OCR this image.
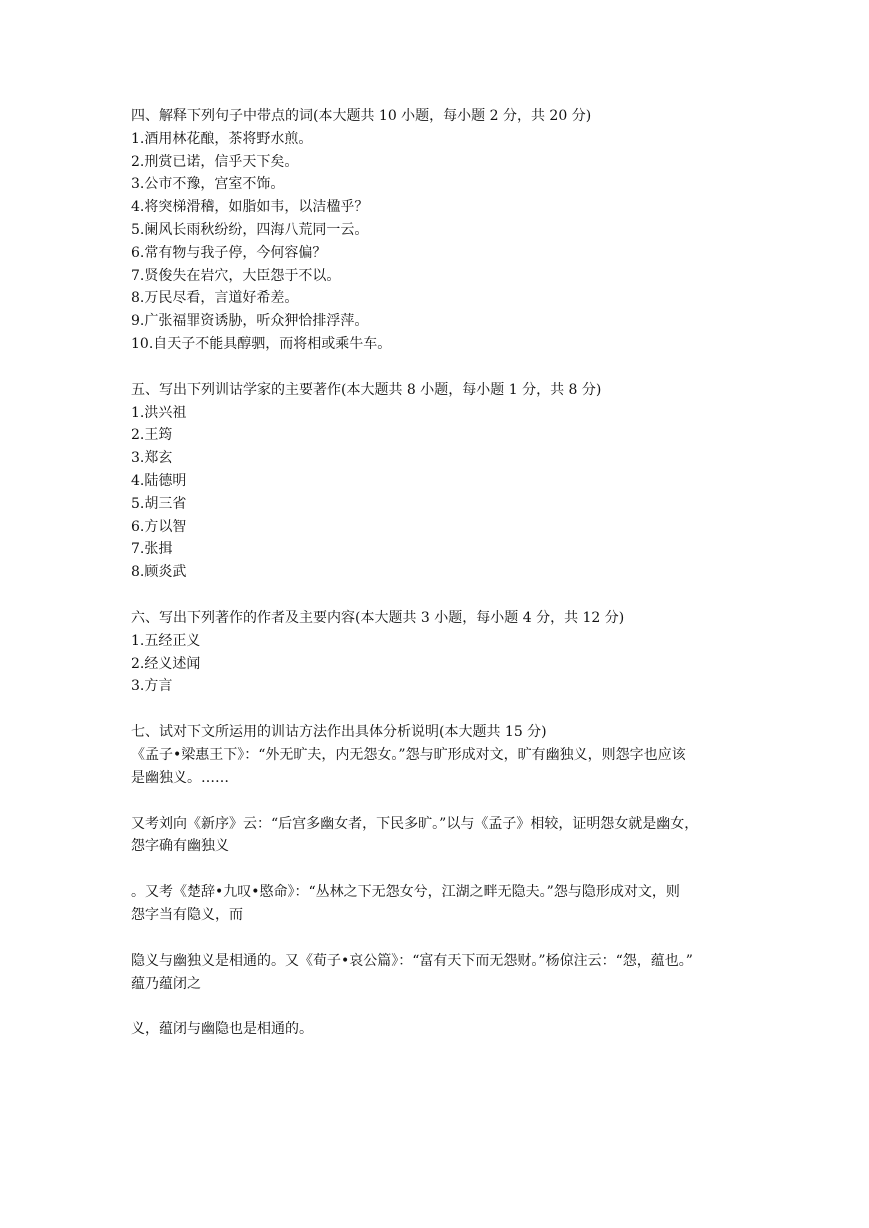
四、解释下列句子中带点的词(本大题共 10 小题，每小题 2 分，共 20 分)

1.酒用林花酿，茶将野水煎。

2.刑赏已诺，信乎天下矣。

3.公市不豫，宫室不饰。

4.将突梯滑稽，如脂如韦，以洁楹乎？

5.阑风长雨秋纷纷，四海八荒同一云。

6.常有物与我子停，今何容偏？

7.贤俊失在岩穴，大臣怨于不以。

8.万民尽看，言道好希差。

9.广张福罪资诱胁，听众狎恰排浮萍。

10.自天子不能具醇驷，而将相或乘牛车。

五、写出下列训诂学家的主要著作(本大题共 8 小题，每小题 1 分，共 8 分)

1.洪兴祖

2.王筠

3.郑玄

4.陆德明

5.胡三省

6.方以智

7.张揖

8.顾炎武

六、写出下列著作的作者及主要内容(本大题共 3 小题，每小题 4 分，共 12 分)

1.五经正义

2.经义述闻

3.方言

七、试对下文所运用的训诂方法作出具体分析说明(本大题共 15 分)

《孟子•梁惠王下》：“外无旷夫，内无怨女。”怨与旷形成对文，旷有幽独义，则怨字也应该

是幽独义。……

又考刘向《新序》云：“后宫多幽女者，下民多旷。”以与《孟子》相较，证明怨女就是幽女，

怨字确有幽独义

。又考《楚辞•九叹•愍命》：“丛林之下无怨女兮，江湖之畔无隐夫。”怨与隐形成对文，则

怨字当有隐义，而

隐义与幽独义是相通的。又《荀子•哀公篇》：“富有天下而无怨财。”杨倞注云：“怨，蕴也。”

蕴乃蕴闭之

义，蕴闭与幽隐也是相通的。
